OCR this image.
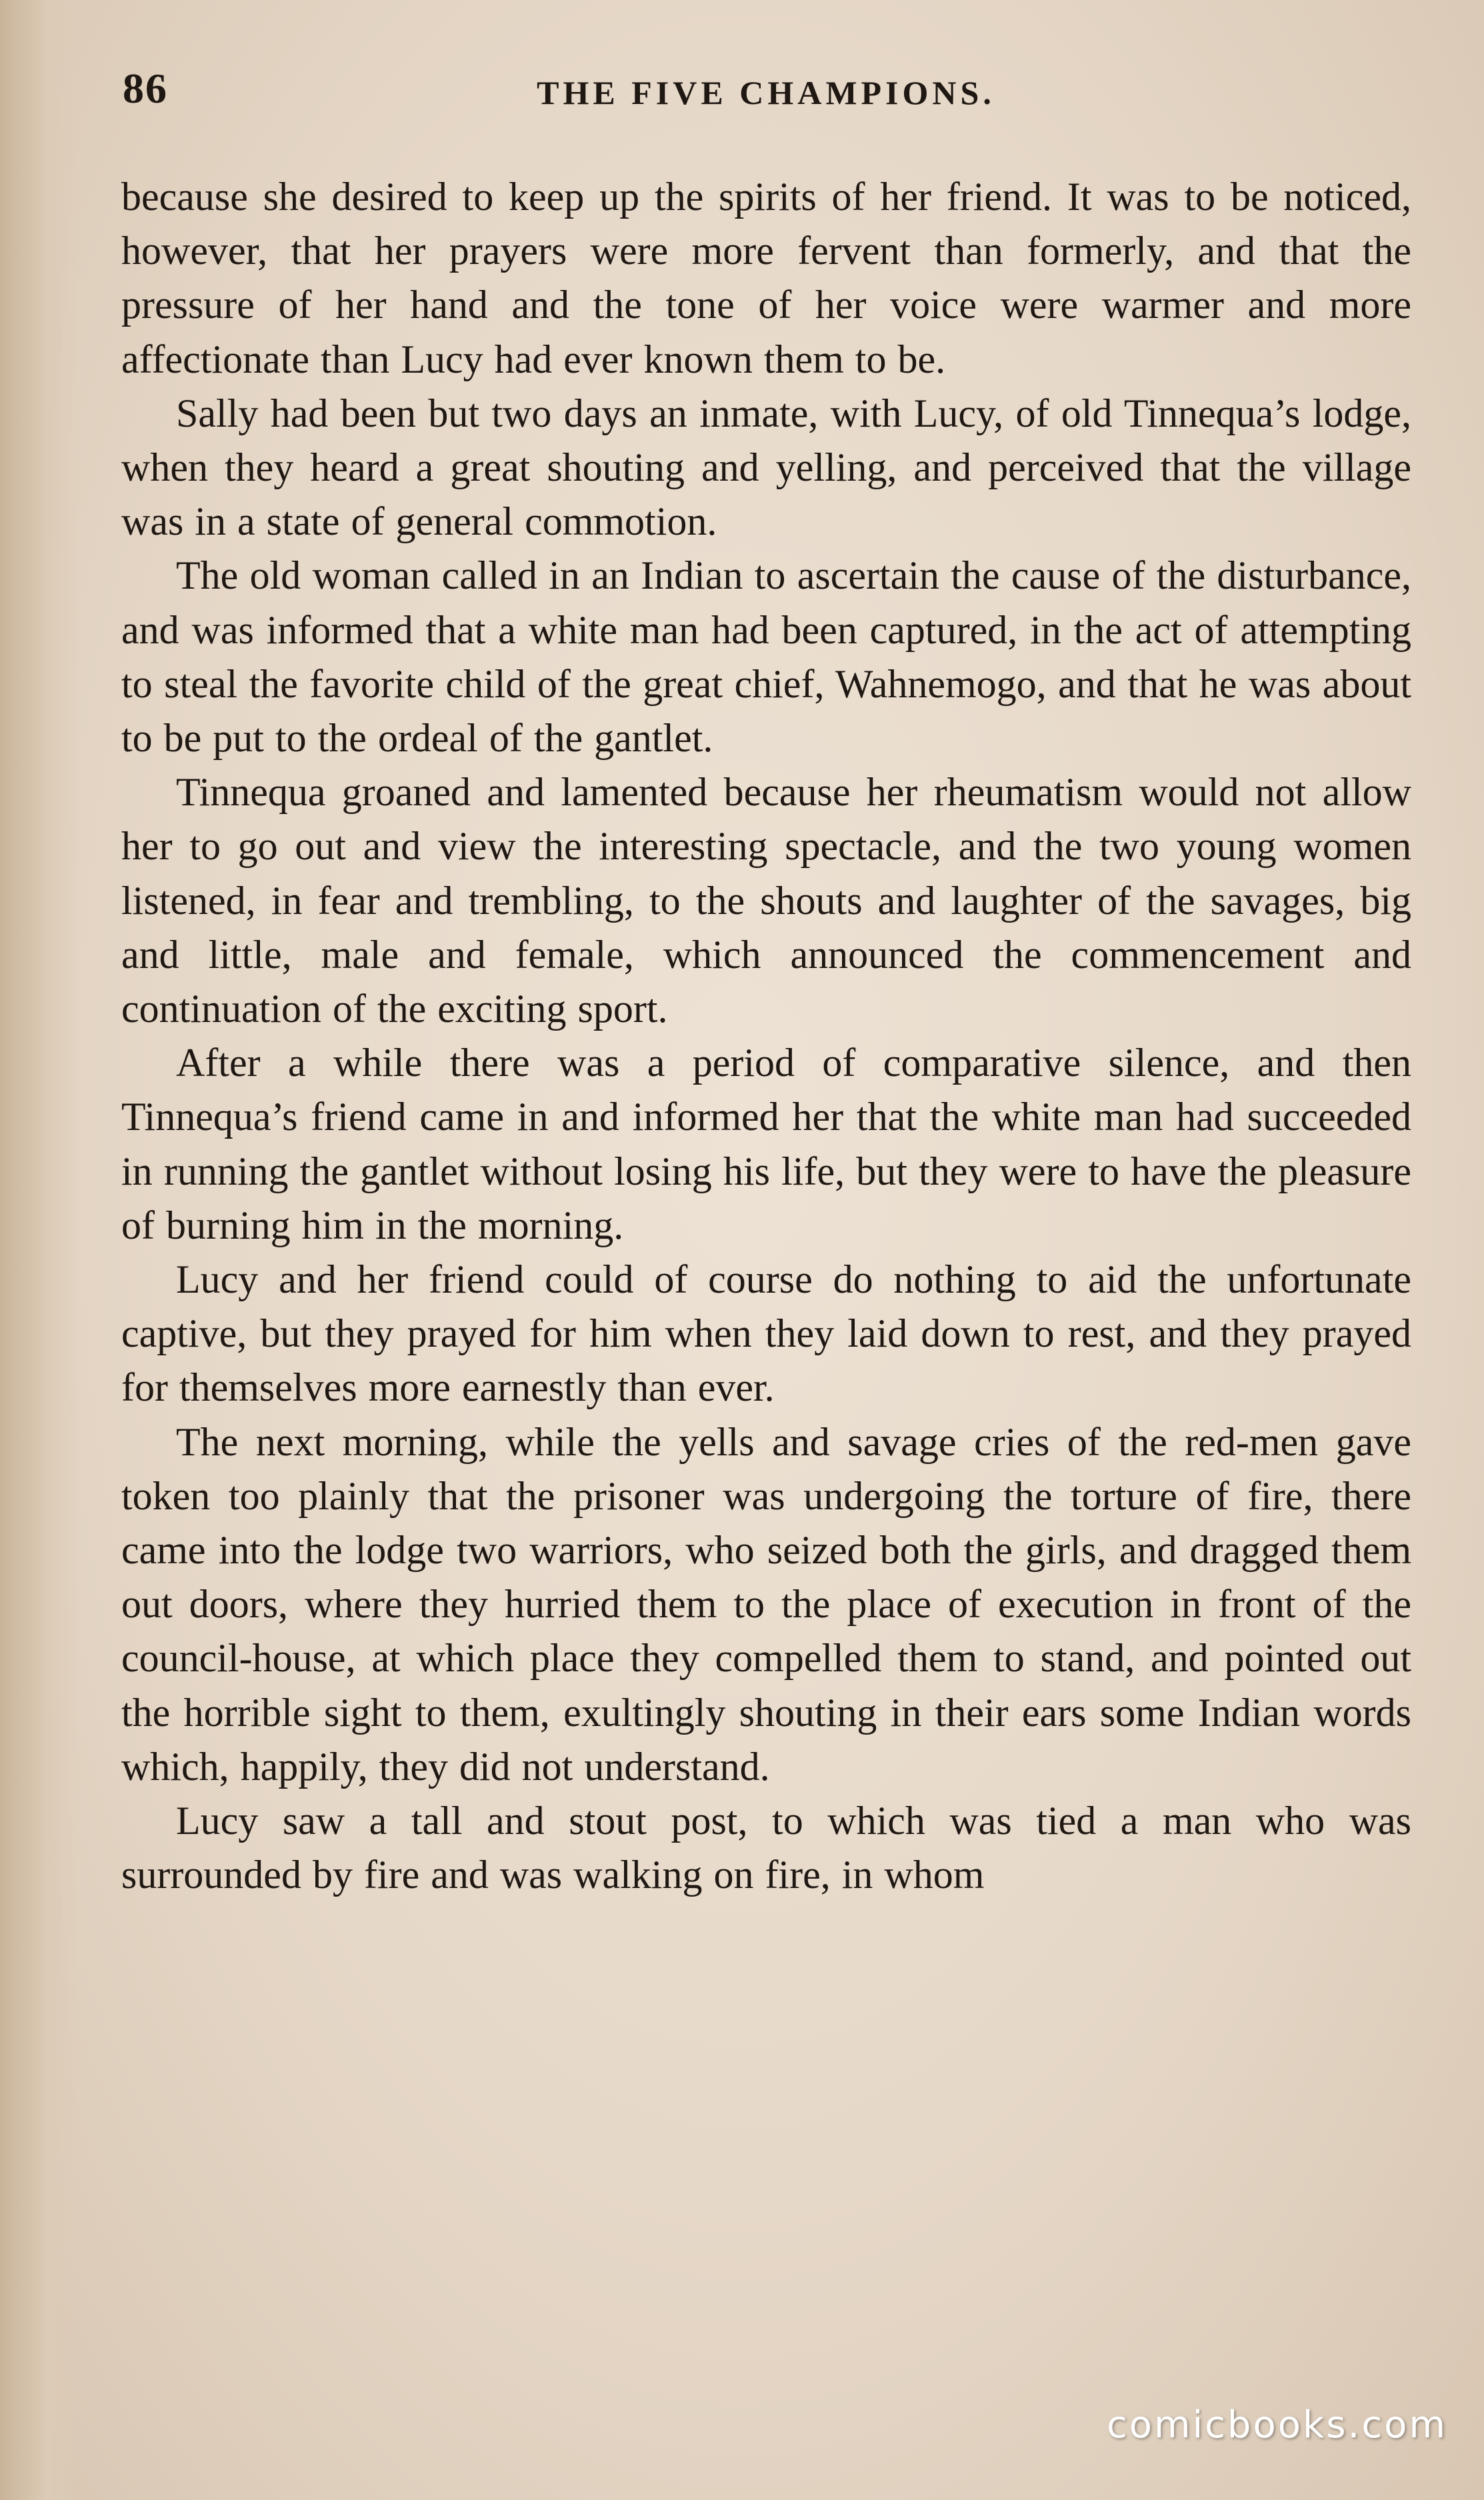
86	THE FIVE CHAMPIONS.

because she desired to keep up the spirits of her friend. It was to be noticed, however, that her prayers were more fervent than formerly, and that the pressure of her hand and the tone of her voice were warmer and more affectionate than Lucy had ever known them to be.

Sally had been but two days an inmate, with Lucy, of old Tinnequa’s lodge, when they heard a great shouting and yelling, and perceived that the village was in a state of general commotion.

The old woman called in an Indian to ascertain the cause of the disturbance, and was informed that a white man had been captured, in the act of attempting to steal the favorite child of the great chief, Wahnemogo, and that he was about to be put to the ordeal of the gantlet.

Tinnequa groaned and lamented because her rheumatism would not allow her to go out and view the interesting spectacle, and the two young women listened, in fear and trembling, to the shouts and laughter of the savages, big and little, male and female, which announced the commencement and continuation of the exciting sport.

After a while there was a period of comparative silence, and then Tinnequa’s friend came in and informed her that the white man had succeeded in running the gantlet without losing his life, but they were to have the pleasure of burning him in the morning.

Lucy and her friend could of course do nothing to aid the unfortunate captive, but they prayed for him when they laid down to rest, and they prayed for themselves more earnestly than ever.

The next morning, while the yells and savage cries of the red-men gave token too plainly that the prisoner was undergoing the torture of fire, there came into the lodge two warriors, who seized both the girls, and dragged them out doors, where they hurried them to the place of execution in front of the council-house, at which place they compelled them to stand, and pointed out the horrible sight to them, exultingly shouting in their ears some Indian words which, happily, they did not understand.

Lucy saw a tall and stout post, to which was tied a man who was surrounded by fire and was walking on fire, in whom

comicbooks.com
